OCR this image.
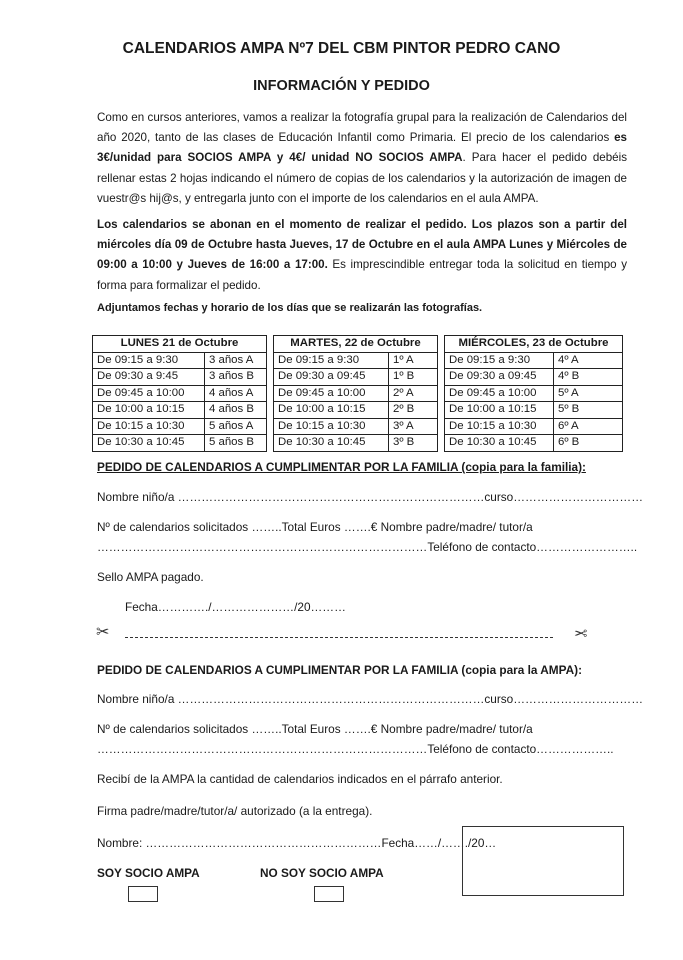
CALENDARIOS AMPA Nº7 DEL CBM PINTOR PEDRO CANO
INFORMACIÓN Y PEDIDO
Como en cursos anteriores, vamos a realizar la fotografía grupal para la realización de Calendarios del año 2020, tanto de las clases de Educación Infantil como Primaria. El precio de los calendarios es 3€/unidad para SOCIOS AMPA y 4€/ unidad NO SOCIOS AMPA. Para hacer el pedido debéis rellenar estas 2 hojas indicando el número de copias de los calendarios y la autorización de imagen de vuestr@s hij@s, y entregarla junto con el importe de los calendarios en el aula AMPA.
Los calendarios se abonan en el momento de realizar el pedido. Los plazos son a partir del miércoles día 09 de Octubre hasta Jueves, 17 de Octubre en el aula AMPA Lunes y Miércoles de 09:00 a 10:00 y Jueves de 16:00 a 17:00. Es imprescindible entregar toda la solicitud en tiempo y forma para formalizar el pedido.
Adjuntamos fechas y horario de los días que se realizarán las fotografías.
LUNES 21 de Octubre			MARTES, 22 de Octubre			MIÉRCOLES, 23 de Octubre	
De 09:15 a 9:30	3 años A		De 09:15 a 9:30	1º A		De 09:15 a 9:30	4º A
De 09:30 a 9:45	3 años B		De 09:30 a 09:45	1º B		De 09:30 a 09:45	4º B
De 09:45 a 10:00	4 años A		De 09:45 a 10:00	2º A		De 09:45 a 10:00	5º A
De 10:00 a 10:15	4 años B		De 10:00 a 10:15	2º B		De 10:00 a 10:15	5º B
De 10:15 a 10:30	5 años A		De 10:15 a 10:30	3º A		De 10:15 a 10:30	6º A
De 10:30 a 10:45	5 años B		De 10:30 a 10:45	3º B		De 10:30 a 10:45	6º B
PEDIDO DE CALENDARIOS A CUMPLIMENTAR POR LA FAMILIA (copia para la familia):
Nombre niño/a ……………………………………………………………………curso……………………………
Nº de calendarios solicitados ……..Total Euros …….€ Nombre padre/madre/ tutor/a
…………………………………………………………………………Teléfono de contacto……………………..
Sello AMPA pagado.
Fecha…………./…………………/20………
✂	✂
PEDIDO DE CALENDARIOS A CUMPLIMENTAR POR LA FAMILIA (copia para la AMPA):
Nombre niño/a ……………………………………………………………………curso……………………………
Nº de calendarios solicitados ……..Total Euros …….€ Nombre padre/madre/ tutor/a
…………………………………………………………………………Teléfono de contacto………………..
Recibí de la AMPA la cantidad de calendarios indicados en el párrafo anterior.
Firma padre/madre/tutor/a/ autorizado (a la entrega).
Nombre: ……………………………………………………Fecha……/……./20…
SOY SOCIO AMPA	NO SOY SOCIO AMPA
